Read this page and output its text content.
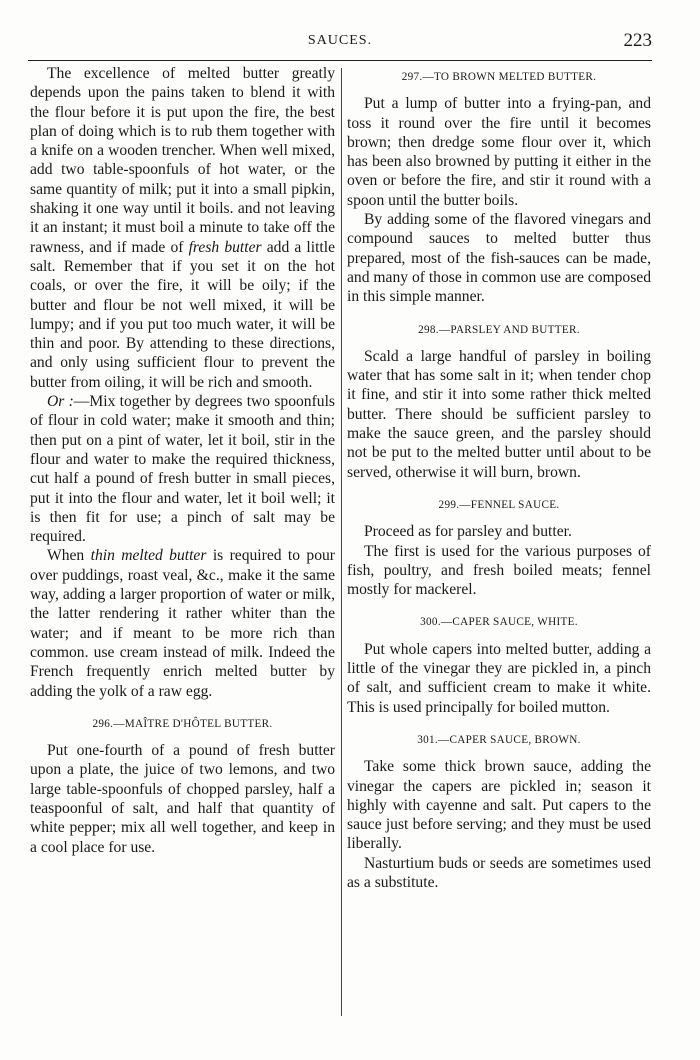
SAUCES.	223

The excellence of melted butter greatly depends upon the pains taken to blend it with the flour before it is put upon the fire, the best plan of doing which is to rub them together with a knife on a wooden trencher. When well mixed, add two table-spoonfuls of hot water, or the same quantity of milk; put it into a small pipkin, shaking it one way until it boils. and not leaving it an instant; it must boil a minute to take off the rawness, and if made of fresh butter add a little salt. Remember that if you set it on the hot coals, or over the fire, it will be oily; if the butter and flour be not well mixed, it will be lumpy; and if you put too much water, it will be thin and poor. By attending to these directions, and only using sufficient flour to prevent the butter from oiling, it will be rich and smooth.

Or :—Mix together by degrees two spoonfuls of flour in cold water; make it smooth and thin; then put on a pint of water, let it boil, stir in the flour and water to make the required thickness, cut half a pound of fresh butter in small pieces, put it into the flour and water, let it boil well; it is then fit for use; a pinch of salt may be required.

When thin melted butter is required to pour over puddings, roast veal, &c., make it the same way, adding a larger proportion of water or milk, the latter rendering it rather whiter than the water; and if meant to be more rich than common. use cream instead of milk. Indeed the French frequently enrich melted butter by adding the yolk of a raw egg.

296.—MAÎTRE D'HÔTEL BUTTER.

Put one-fourth of a pound of fresh butter upon a plate, the juice of two lemons, and two large table-spoonfuls of chopped parsley, half a teaspoonful of salt, and half that quantity of white pepper; mix all well together, and keep in a cool place for use.

297.—TO BROWN MELTED BUTTER.

Put a lump of butter into a frying-pan, and toss it round over the fire until it becomes brown; then dredge some flour over it, which has been also browned by putting it either in the oven or before the fire, and stir it round with a spoon until the butter boils.

By adding some of the flavored vinegars and compound sauces to melted butter thus prepared, most of the fish-sauces can be made, and many of those in common use are composed in this simple manner.

298.—PARSLEY AND BUTTER.

Scald a large handful of parsley in boiling water that has some salt in it; when tender chop it fine, and stir it into some rather thick melted butter. There should be sufficient parsley to make the sauce green, and the parsley should not be put to the melted butter until about to be served, otherwise it will burn, brown.

299.—FENNEL SAUCE.

Proceed as for parsley and butter.

The first is used for the various purposes of fish, poultry, and fresh boiled meats; fennel mostly for mackerel.

300.—CAPER SAUCE, WHITE.

Put whole capers into melted butter, adding a little of the vinegar they are pickled in, a pinch of salt, and sufficient cream to make it white. This is used principally for boiled mutton.

301.—CAPER SAUCE, BROWN.

Take some thick brown sauce, adding the vinegar the capers are pickled in; season it highly with cayenne and salt. Put capers to the sauce just before serving; and they must be used liberally.

Nasturtium buds or seeds are sometimes used as a substitute.
